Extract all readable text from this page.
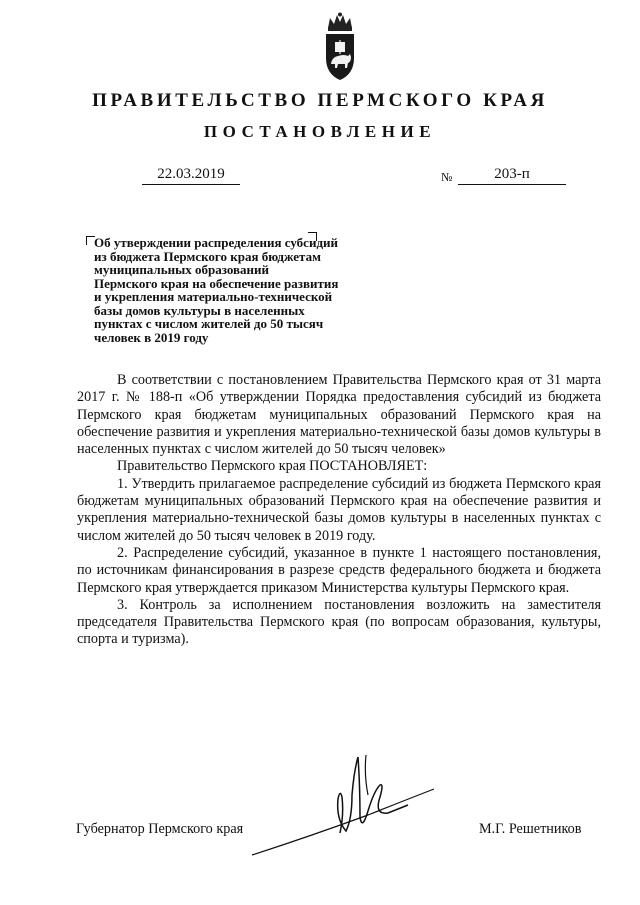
ПРАВИТЕЛЬСТВО ПЕРМСКОГО КРАЯ
ПОСТАНОВЛЕНИЕ
22.03.2019	№	203-п
Об утверждении распределения субсидий
из бюджета Пермского края бюджетам
муниципальных образований
Пермского края на обеспечение развития
и укрепления материально-технической
базы домов культуры в населенных
пунктах с числом жителей до 50 тысяч
человек в 2019 году

В соответствии с постановлением Правительства Пермского края от 31 марта 2017 г. № 188-п «Об утверждении Порядка предоставления субсидий из бюджета Пермского края бюджетам муниципальных образований Пермского края на обеспечение развития и укрепления материально-технической базы домов культуры в населенных пунктах с числом жителей до 50 тысяч человек»

Правительство Пермского края ПОСТАНОВЛЯЕТ:

1. Утвердить прилагаемое распределение субсидий из бюджета Пермского края бюджетам муниципальных образований Пермского края на обеспечение развития и укрепления материально-технической базы домов культуры в населенных пунктах с числом жителей до 50 тысяч человек в 2019 году.

2. Распределение субсидий, указанное в пункте 1 настоящего постановления, по источникам финансирования в разрезе средств федерального бюджета и бюджета Пермского края утверждается приказом Министерства культуры Пермского края.

3. Контроль за исполнением постановления возложить на заместителя председателя Правительства Пермского края (по вопросам образования, культуры, спорта и туризма).

Губернатор Пермского края	М.Г. Решетников
